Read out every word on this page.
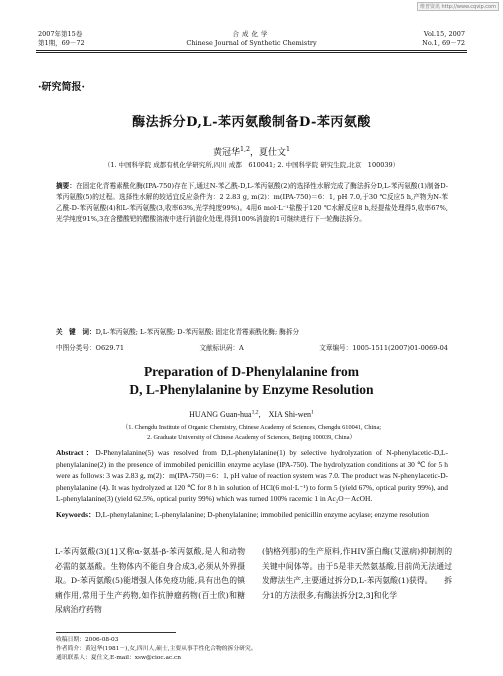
维普资讯 http://www.cqvip.com
2007年第15卷
第1期，69－72
合成化学
Chinese Journal of Synthetic Chemistry
Vol.15, 2007
No.1, 69－72
·研究简报·
酶法拆分D,L-苯丙氨酸制备D-苯丙氨酸
黄冠华$^{1,2}$，夏仕文$^1$
（1. 中国科学院 成都有机化学研究所,四川 成都　610041; 2. 中国科学院 研究生院,北京　100039）
摘要：在固定化青霉素酰化酶(IPA-750)存在下,通过N-苯乙酰-D,L-苯丙氨酸(2)的选择性水解完成了酶法拆分D,L-苯丙氨酸(1)制备D-苯丙氨酸(5)的过程。选择性水解的较适宜反应条件为：2 2.83 g, m(2)：m(IPA-750)＝6：1, pH 7.0,于30 ℃反应5 h,产物为N-苯乙酰-D-苯丙氨酸(4)和L-苯丙氨酸(3,收率63%,光学纯度99%)。4用6 mol·L⁻¹盐酸于120 ℃水解反应8 h,经提盐处理得5,收率67%,光学纯度91%,3在含醋酸钯的醋酸溶液中进行消旋化处理,得到100%消旋的1可继续进行下一轮酶法拆分。
关　键　词：D,L-苯丙氨酸; L-苯丙氨酸; D-苯丙氨酸; 固定化青霉素酰化酶; 酶拆分
中图分类号：O629.71	文献标识码：A	文章编号：1005-1511(2007)01-0069-04
Preparation of D-Phenylalanine from
D, L-Phenylalanine by Enzyme Resolution
HUANG Guan-hua$^{1,2}$,　XIA Shi-wen$^1$
（1. Chengdu Institute of Organic Chemistry, Chinese Academy of Sciences, Chengdu 610041, China;
2. Graduate University of Chinese Academy of Sciences, Beijing 100039, China）
Abstract：D-Phenylalanine(5) was resolved from D,L-phenylalanine(1) by selective hydrolyzation of N-phenylacetic-D,L-phenylalanine(2) in the presence of immobiled penicillin enzyme acylase (IPA-750). The hydrolyzation conditions at 30 ℃ for 5 h were as follows: 3 was 2.83 g, m(2)：m(IPA-750)＝6：1, pH value of reaction system was 7.0. The product was N-phenylacetic-D-phenylalanine (4). It was hydrolyzed at 120 ℃ for 8 h in solution of HCl(6 mol·L⁻¹) to form 5 (yield 67%, optical purity 99%), and L-phenylalanine(3) (yield 62.5%, optical purity 99%) which was turned 100% racemic 1 in Ac₂O－AcOH.
Keywords：D,L-phenylalanine; L-phenylalanine; D-phenylalanine; immobiled penicillin enzyme acylase; enzyme resolution
L-苯丙氨酸(3)[1]又称α-氨基-β-苯丙氨酸,是人和动物必需的氨基酸。生物体内不能自身合成3,必须从外界摄取。D-苯丙氨酸(5)能增强人体免疫功能,具有出色的镇痛作用,常用于生产药物,如作抗肿瘤药物(百士欣)和糖尿病治疗药物
(钠格列那)的生产原料,作HIV蛋白酶(艾滋病)抑制剂的关键中间体等。由于5是非天然氨基酸,目前尚无法通过发酵法生产,主要通过拆分D,L-苯丙氨酸(1)获得。　　拆分1的方法很多,有酶法拆分[2,3]和化学
收稿日期：2006-08-03
作者简介：黄冠华(1981－),女,四川人,硕士,主要从事手性化合物的拆分研究。
通讯联系人：夏仕文,E-mail：xsw@cioc.ac.cn
